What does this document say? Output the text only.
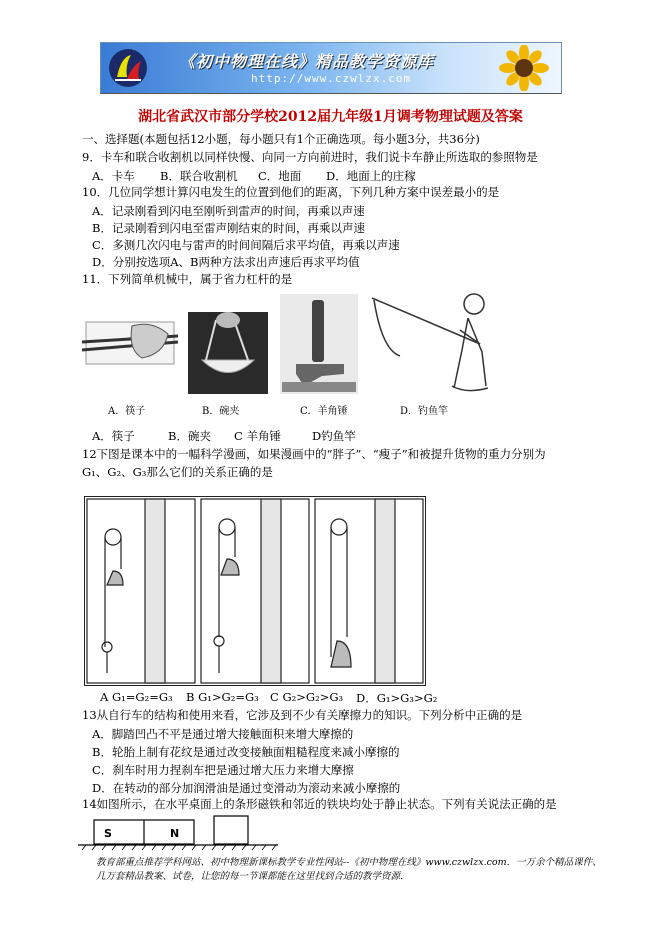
《初中物理在线》精品教学资源库
http://www.czwlzx.com
湖北省武汉市部分学校2012届九年级1月调考物理试题及答案
一、选择题(本题包括12小题，每小题只有1个正确选项。每小题3分，共36分)
9．卡车和联合收割机以同样快慢、向同一方向前进时，我们说卡车静止所选取的参照物是
A．卡车 B．联合收割机 C．地面 D．地面上的庄稼
10．几位同学想计算闪电发生的位置到他们的距离，下列几种方案中误差最小的是
A．记录刚看到闪电至刚听到雷声的时间，再乘以声速
B．记录刚看到闪电至雷声刚结束的时间，再乘以声速
C．多测几次闪电与雷声的时间间隔后求平均值，再乘以声速
D．分别按选项A、B两种方法求出声速后再求平均值
11．下列简单机械中，属于省力杠杆的是
A．筷子	B．碗夹	C．羊角锤	D．钓鱼竿
A．筷子	B．碗夹 C 羊角锤	D钓鱼竿
12下图是课本中的一幅科学漫画，如果漫画中的“胖子”、“瘦子”和被提升货物的重力分别为
G₁、G₂、G₃那么它们的关系正确的是
A G₁=G₂=G₃ B G₁>G₂=G₃ C G₂>G₂>G₃ D．G₁>G₃>G₂
13从自行车的结构和使用来看，它涉及到不少有关摩擦力的知识。下列分析中正确的是
A．脚踏凹凸不平是通过增大接触面积来增大摩擦的
B．轮胎上制有花纹是通过改变接触面粗糙程度来减小摩擦的
C．刹车时用力捏刹车把是通过增大压力来增大摩擦
D．在转动的部分加润滑油是通过变滑动为滚动来减小摩擦的
14如图所示，在水平桌面上的条形磁铁和邻近的铁块均处于静止状态。下列有关说法正确的是
S	N
教育部重点推荐学科网站、初中物理新课标教学专业性网站--《初中物理在线》www.czwlzx.com．一万余个精品课件、
几万套精品教案、试卷，让您的每一节课都能在这里找到合适的教学资源．
